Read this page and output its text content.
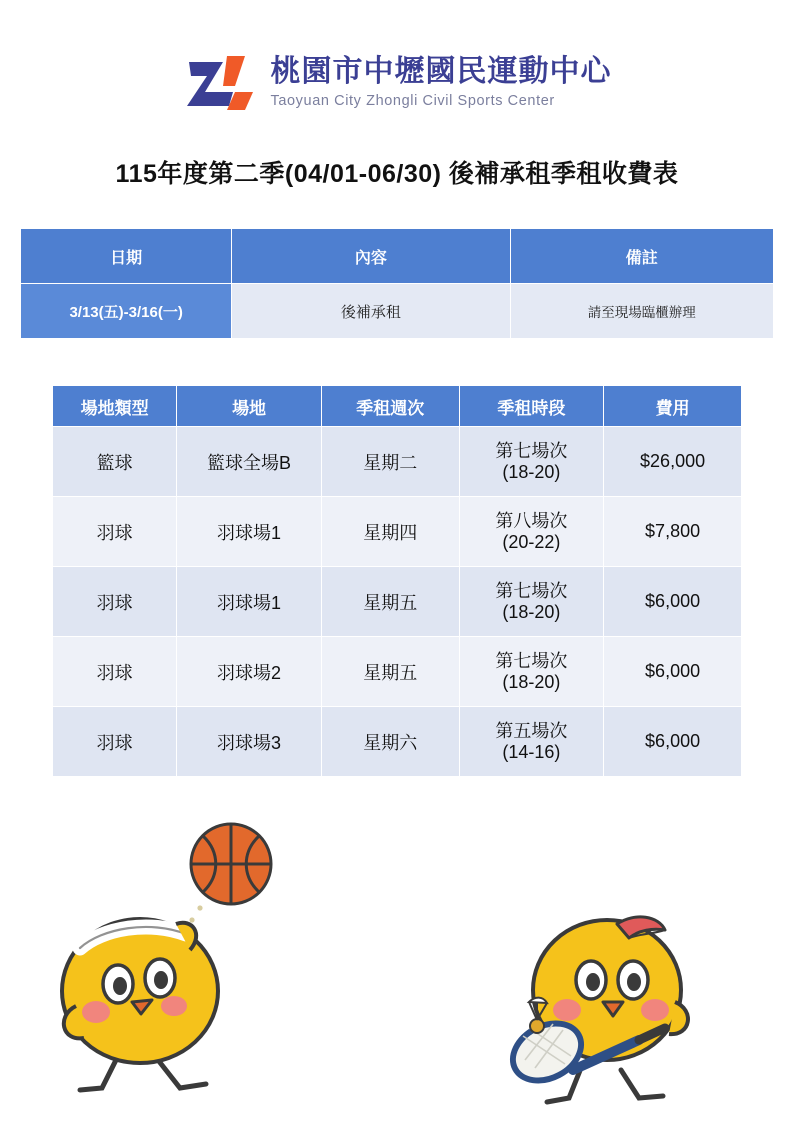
桃園市中壢國民運動中心
Taoyuan City Zhongli Civil Sports Center
115年度第二季(04/01-06/30) 後補承租季租收費表
日期	內容	備註
3/13(五)-3/16(一)	後補承租	請至現場臨櫃辦理
場地類型	場地	季租週次	季租時段	費用
籃球	籃球全場B	星期二	第七場次
(18-20)	$26,000
羽球	羽球場1	星期四	第八場次
(20-22)	$7,800
羽球	羽球場1	星期五	第七場次
(18-20)	$6,000
羽球	羽球場2	星期五	第七場次
(18-20)	$6,000
羽球	羽球場3	星期六	第五場次
(14-16)	$6,000
